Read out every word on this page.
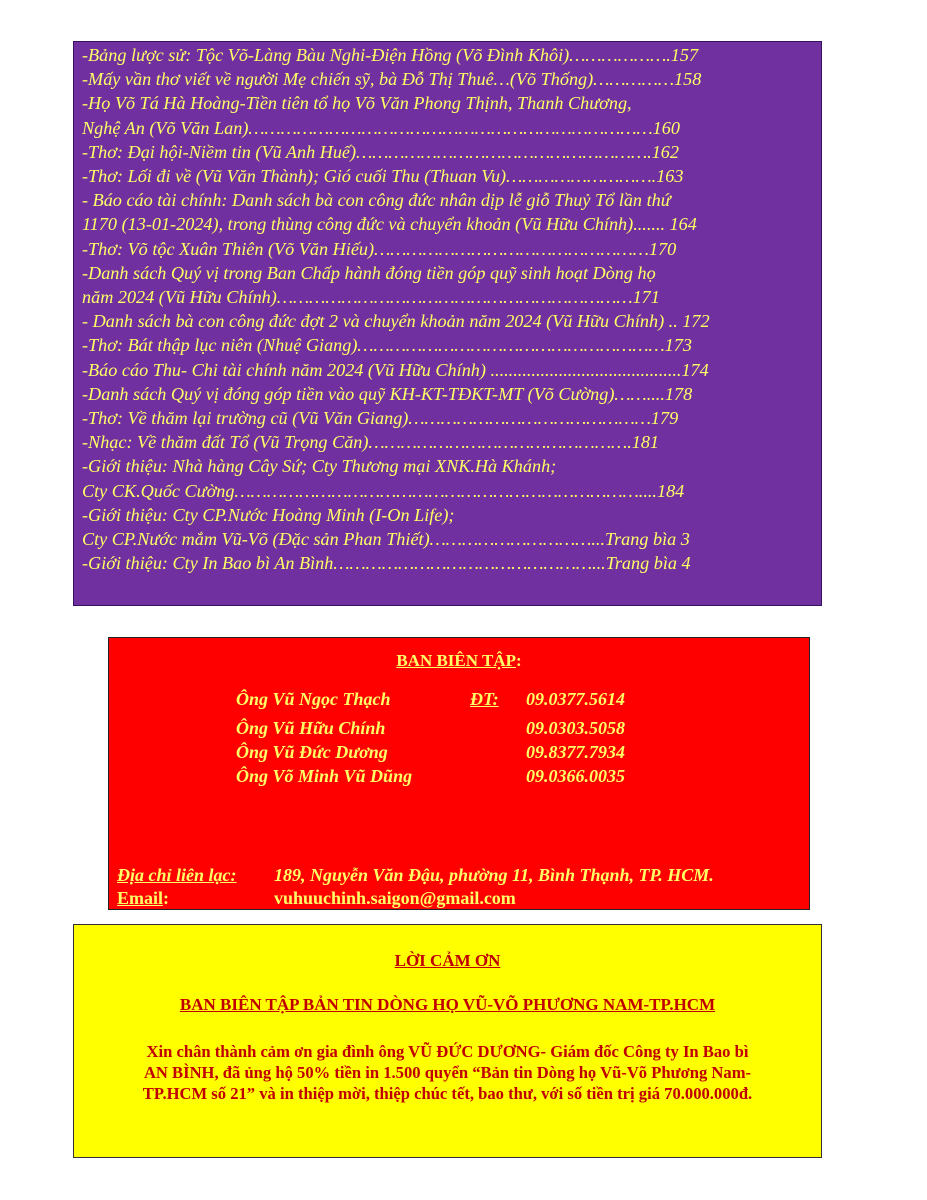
-Bảng lược sử: Tộc Võ-Làng Bàu Nghi-Điện Hồng (Võ Đình Khôi)……………….157
-Mấy vần thơ viết về người Mẹ chiến sỹ, bà Đỗ Thị Thuê…(Võ Thống)……………158
-Họ Võ Tá Hà Hoàng-Tiền tiên tổ họ Võ Văn Phong Thịnh, Thanh Chương,
Nghệ An (Võ Văn Lan)…………………………………………………………………160
-Thơ: Đại hội-Niềm tin (Vũ Anh Huế)……………………………………………….162
-Thơ: Lối đi về (Vũ Văn Thành); Gió cuối Thu (Thuan Vu)……………………….163
- Báo cáo tài chính: Danh sách bà con công đức nhân dịp lễ giỗ Thuỷ Tổ lần thứ
1170 (13-01-2024), trong thùng công đức và chuyển khoản (Vũ Hữu Chính)....... 164
-Thơ: Võ tộc Xuân Thiên (Võ Văn Hiếu)……………………………………………170
-Danh sách Quý vị trong Ban Chấp hành đóng tiền góp quỹ sinh hoạt Dòng họ
năm 2024 (Vũ Hữu Chính)…………………………………………………………171
- Danh sách bà con công đức đợt 2 và chuyển khoản năm 2024 (Vũ Hữu Chính) .. 172
-Thơ: Bát thập lục niên (Nhuệ Giang)…………………………………………………173
-Báo cáo Thu- Chi tài chính năm 2024 (Vũ Hữu Chính) ..........................................174
-Danh sách Quý vị đóng góp tiền vào quỹ KH-KT-TĐKT-MT (Võ Cường)……....178
-Thơ: Về thăm lại trường cũ (Vũ Văn Giang)………………………………………179
-Nhạc: Về thăm đất Tổ (Vũ Trọng Căn)………………………………………….181
-Giới thiệu: Nhà hàng Cây Sứ; Cty Thương mại XNK.Hà Khánh;
Cty CK.Quốc Cường…………………………………………………………………....184
-Giới thiệu: Cty CP.Nước Hoàng Minh (I-On Life);
Cty CP.Nước mắm Vũ-Võ (Đặc sản Phan Thiết)…………………………...Trang bìa 3
-Giới thiệu: Cty In Bao bì An Bình…………………………………………...Trang bìa 4
BAN BIÊN TẬP:
Ông Vũ Ngọc Thạch	ĐT: 09.0377.5614
Ông Vũ Hữu Chính	09.0303.5058
Ông Vũ Đức Dương	09.8377.7934
Ông Võ Minh Vũ Dũng	09.0366.0035
Địa chỉ liên lạc: 189, Nguyễn Văn Đậu, phường 11, Bình Thạnh, TP. HCM.
Email:	vuhuuchinh.saigon@gmail.com
LỜI CẢM ƠN
BAN BIÊN TẬP BẢN TIN DÒNG HỌ VŨ-VÕ PHƯƠNG NAM-TP.HCM
Xin chân thành cảm ơn gia đình ông VŨ ĐỨC DƯƠNG- Giám đốc Công ty In Bao bì
AN BÌNH, đã ủng hộ 50% tiền in 1.500 quyển “Bản tin Dòng họ Vũ-Võ Phương Nam-
TP.HCM số 21” và in thiệp mời, thiệp chúc tết, bao thư, với số tiền trị giá 70.000.000đ.
